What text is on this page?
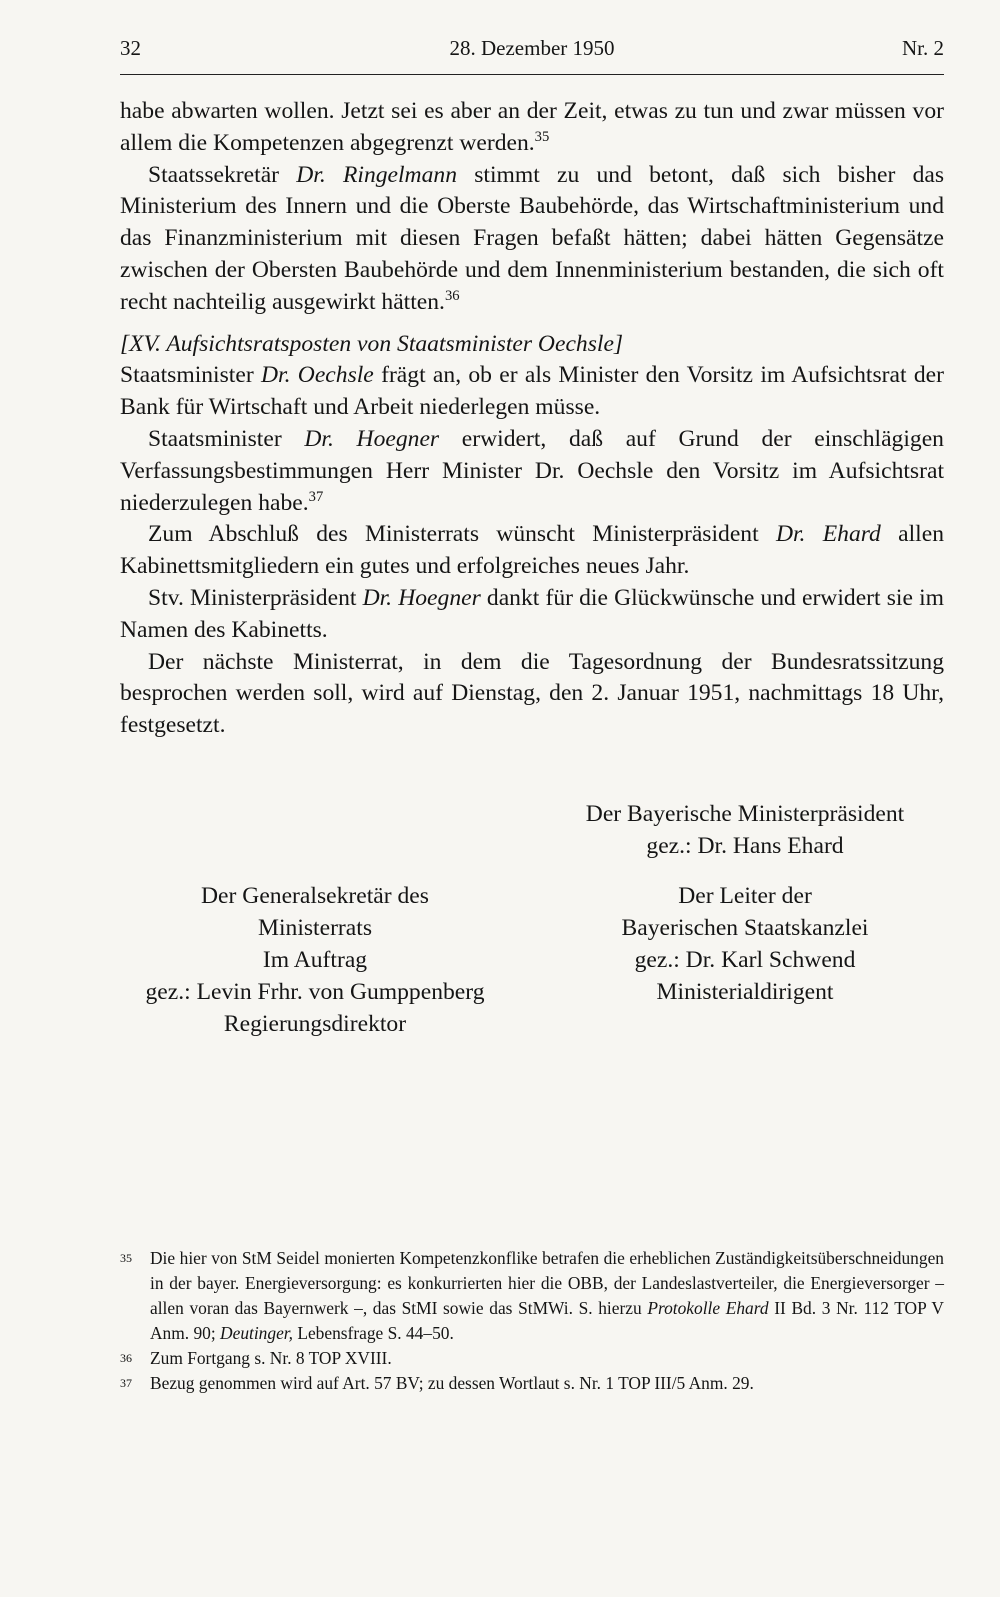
32	28. Dezember 1950	Nr. 2

habe abwarten wollen. Jetzt sei es aber an der Zeit, etwas zu tun und zwar müssen vor allem die Kompetenzen abgegrenzt werden.$^{35}$

Staatssekretär Dr. Ringelmann stimmt zu und betont, daß sich bisher das Ministerium des Innern und die Oberste Baubehörde, das Wirtschaftministerium und das Finanzministerium mit diesen Fragen befaßt hätten; dabei hätten Gegensätze zwischen der Obersten Baubehörde und dem Innenministerium bestanden, die sich oft recht nachteilig ausgewirkt hätten.$^{36}$

[XV. Aufsichtsratsposten von Staatsminister Oechsle]

Staatsminister Dr. Oechsle frägt an, ob er als Minister den Vorsitz im Aufsichtsrat der Bank für Wirtschaft und Arbeit niederlegen müsse.

Staatsminister Dr. Hoegner erwidert, daß auf Grund der einschlägigen Verfassungsbestimmungen Herr Minister Dr. Oechsle den Vorsitz im Aufsichtsrat niederzulegen habe.$^{37}$

Zum Abschluß des Ministerrats wünscht Ministerpräsident Dr. Ehard allen Kabinettsmitgliedern ein gutes und erfolgreiches neues Jahr.

Stv. Ministerpräsident Dr. Hoegner dankt für die Glückwünsche und erwidert sie im Namen des Kabinetts.

Der nächste Ministerrat, in dem die Tagesordnung der Bundesratssitzung besprochen werden soll, wird auf Dienstag, den 2. Januar 1951, nachmittags 18 Uhr, festgesetzt.

Der Bayerische Ministerpräsident
gez.: Dr. Hans Ehard
Der Generalsekretär des
Ministerrats
Im Auftrag
gez.: Levin Frhr. von Gumppenberg
Regierungsdirektor
Der Leiter der
Bayerischen Staatskanzlei
gez.: Dr. Karl Schwend
Ministerialdirigent
35	Die hier von StM Seidel monierten Kompetenzkonflike betrafen die erheblichen Zuständigkeitsüberschneidungen in der bayer. Energieversorgung: es konkurrierten hier die OBB, der Landeslastverteiler, die Energieversorger – allen voran das Bayernwerk –, das StMI sowie das StMWi. S. hierzu Protokolle Ehard II Bd. 3 Nr. 112 TOP V Anm. 90; Deutinger, Lebensfrage S. 44–50.
36	Zum Fortgang s. Nr. 8 TOP XVIII.
37	Bezug genommen wird auf Art. 57 BV; zu dessen Wortlaut s. Nr. 1 TOP III/5 Anm. 29.
